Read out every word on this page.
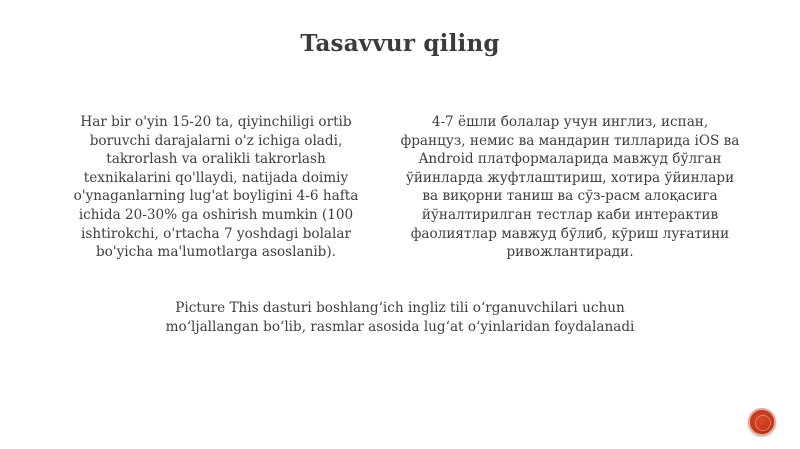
Tasavvur qiling
Har bir o'yin 15-20 ta, qiyinchiligi ortib boruvchi darajalarni o'z ichiga oladi, takrorlash va oralikli takrorlash texnikalarini qo'llaydi, natijada doimiy o'ynaganlarning lug'at boyligini 4-6 hafta ichida 20-30% ga oshirish mumkin (100 ishtirokchi, o'rtacha 7 yoshdagi bolalar bo'yicha ma'lumotlarga asoslanib).
4-7 ёшли болалар учун инглиз, испан, француз, немис ва мандарин тилларида iOS ва Android платформаларида мавжуд бўлган ўйинларда жуфтлаштириш, хотира ўйинлари ва виқорни таниш ва сўз-расм алоқасига йўналтирилган тестлар каби интерактив фаолиятлар мавжуд бўлиб, кўриш луғатини ривожлантиради.
Picture This dasturi boshlang‘ich ingliz tili o‘rganuvchilari uchun mo‘ljallangan bo‘lib, rasmlar asosida lug‘at o‘yinlaridan foydalanadi
